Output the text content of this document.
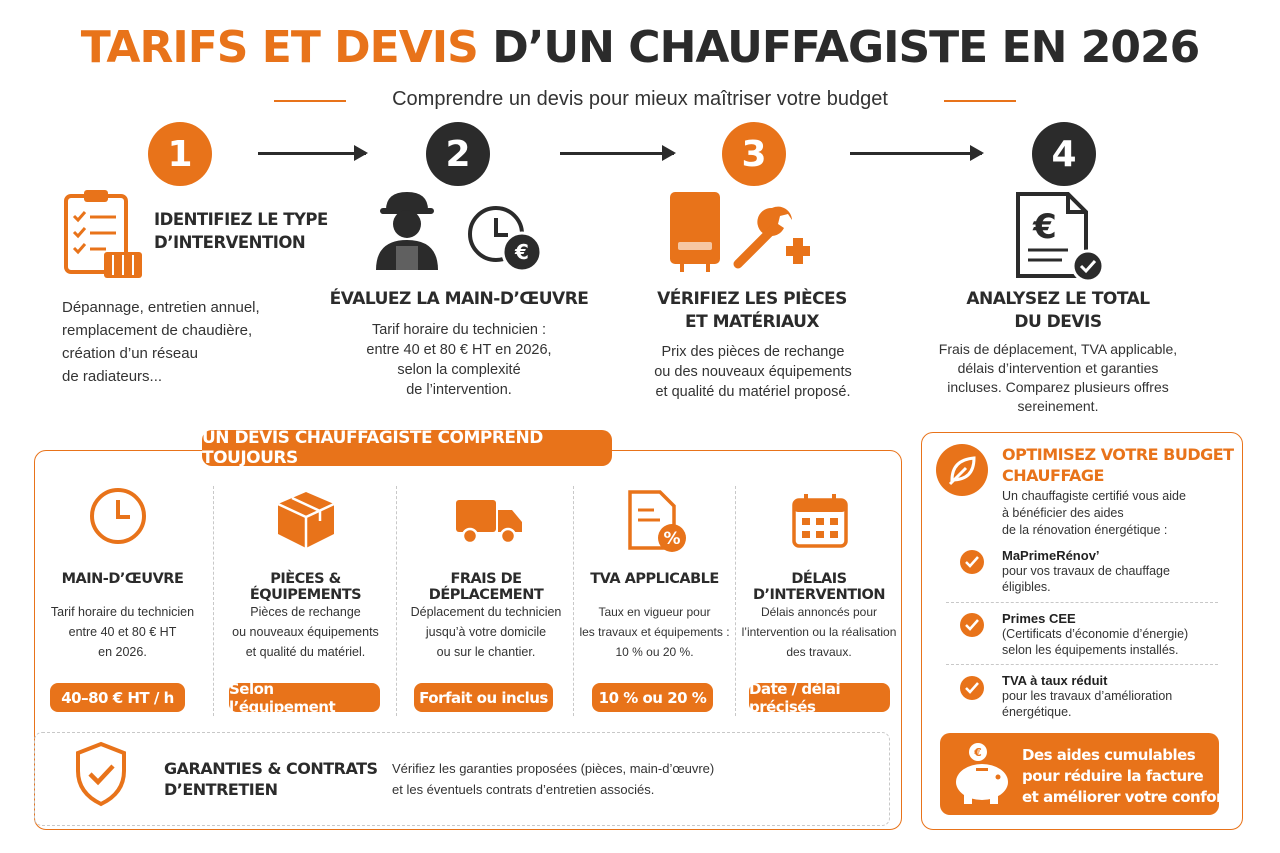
TARIFS ET DEVIS D’UN CHAUFFAGISTE EN 2026
Comprendre un devis pour mieux maîtriser votre budget
1	2	3	4
IDENTIFIEZ LE TYPE
D’INTERVENTION
Dépannage, entretien annuel,
remplacement de chaudière,
création d’un réseau
de radiateurs...
€
ÉVALUEZ LA MAIN-D’ŒUVRE
Tarif horaire du technicien :
entre 40 et 80 € HT en 2026,
selon la complexité
de l’intervention.
VÉRIFIEZ LES PIÈCES
ET MATÉRIAUX
Prix des pièces de rechange
ou des nouveaux équipements
et qualité du matériel proposé.
€
ANALYSEZ LE TOTAL
DU DEVIS
Frais de déplacement, TVA applicable,
délais d’intervention et garanties
incluses. Comparez plusieurs offres
sereinement.
UN DEVIS CHAUFFAGISTE COMPREND TOUJOURS
MAIN-D’ŒUVRE
Tarif horaire du technicien
entre 40 et 80 € HT
en 2026.
40–80 € HT / h
PIÈCES & ÉQUIPEMENTS
Pièces de rechange
ou nouveaux équipements
et qualité du matériel.
Selon l’équipement
FRAIS DE DÉPLACEMENT
Déplacement du technicien
jusqu’à votre domicile
ou sur le chantier.
Forfait ou inclus
%
TVA APPLICABLE
Taux en vigueur pour
les travaux et équipements :
10 % ou 20 %.
10 % ou 20 %
DÉLAIS D’INTERVENTION
Délais annoncés pour
l’intervention ou la réalisation
des travaux.
Date / délai précisés
GARANTIES & CONTRATS
D’ENTRETIEN
Vérifiez les garanties proposées (pièces, main-d’œuvre)
et les éventuels contrats d’entretien associés.
OPTIMISEZ VOTRE BUDGET
CHAUFFAGE
Un chauffagiste certifié vous aide
à bénéficier des aides
de la rénovation énergétique :
MaPrimeRénov’
pour vos travaux de chauffage
éligibles.
Primes CEE
(Certificats d’économie d’énergie)
selon les équipements installés.
TVA à taux réduit
pour les travaux d’amélioration
énergétique.
€	Des aides cumulables
pour réduire la facture
et améliorer votre confort.
